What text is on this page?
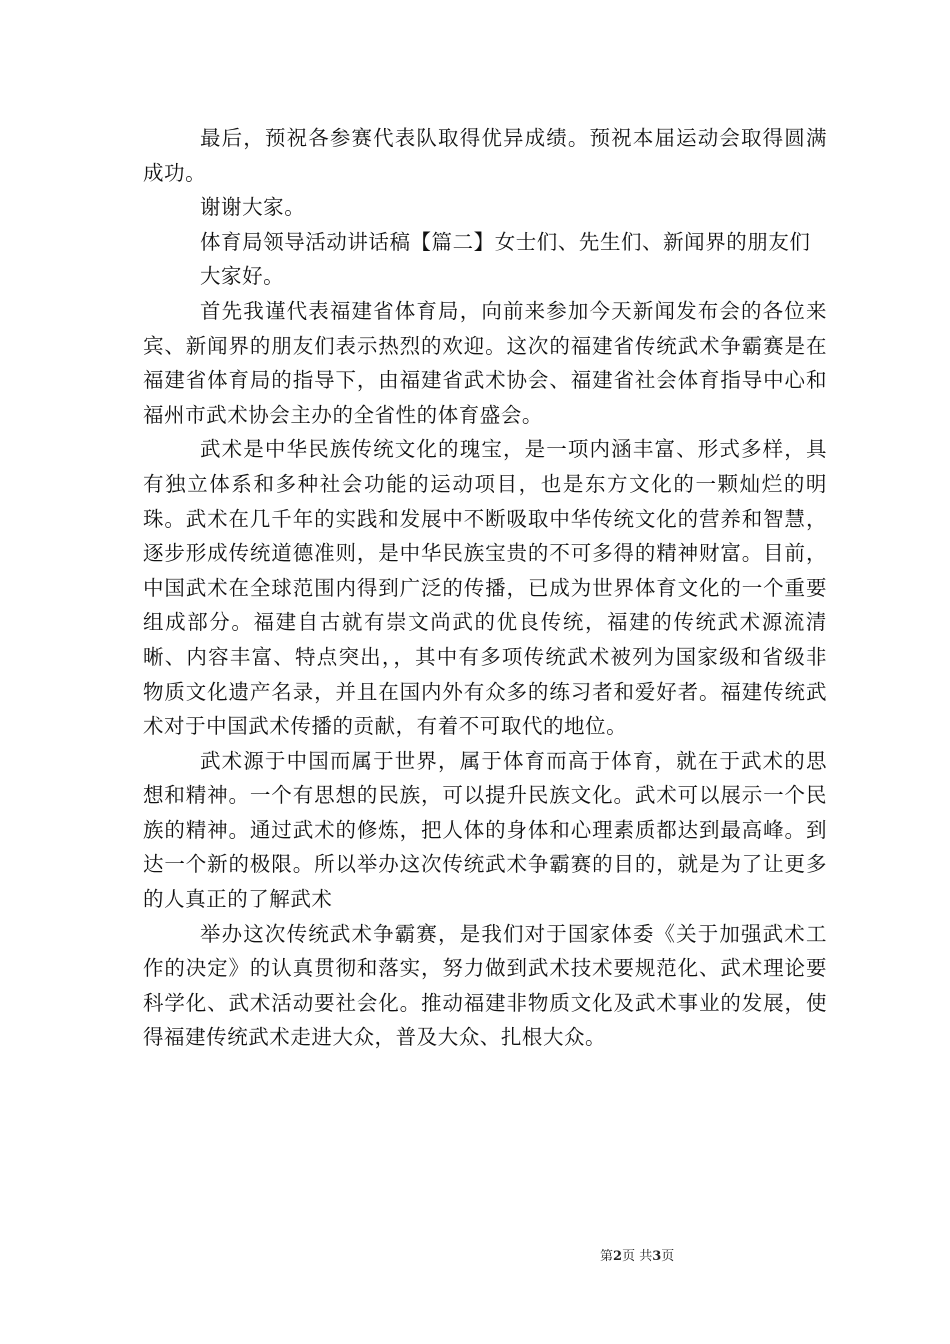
最后，预祝各参赛代表队取得优异成绩。预祝本届运动会取得圆满成功。

谢谢大家。

体育局领导活动讲话稿【篇二】女士们、先生们、新闻界的朋友们

大家好。

首先我谨代表福建省体育局，向前来参加今天新闻发布会的各位来宾、新闻界的朋友们表示热烈的欢迎。这次的福建省传统武术争霸赛是在福建省体育局的指导下，由福建省武术协会、福建省社会体育指导中心和福州市武术协会主办的全省性的体育盛会。

武术是中华民族传统文化的瑰宝，是一项内涵丰富、形式多样，具有独立体系和多种社会功能的运动项目，也是东方文化的一颗灿烂的明珠。武术在几千年的实践和发展中不断吸取中华传统文化的营养和智慧，逐步形成传统道德准则，是中华民族宝贵的不可多得的精神财富。目前，中国武术在全球范围内得到广泛的传播，已成为世界体育文化的一个重要组成部分。福建自古就有崇文尚武的优良传统，福建的传统武术源流清晰、内容丰富、特点突出，，其中有多项传统武术被列为国家级和省级非物质文化遗产名录，并且在国内外有众多的练习者和爱好者。福建传统武术对于中国武术传播的贡献，有着不可取代的地位。

武术源于中国而属于世界，属于体育而高于体育，就在于武术的思想和精神。一个有思想的民族，可以提升民族文化。武术可以展示一个民族的精神。通过武术的修炼，把人体的身体和心理素质都达到最高峰。到达一个新的极限。所以举办这次传统武术争霸赛的目的，就是为了让更多的人真正的了解武术

举办这次传统武术争霸赛，是我们对于国家体委《关于加强武术工作的决定》的认真贯彻和落实，努力做到武术技术要规范化、武术理论要科学化、武术活动要社会化。推动福建非物质文化及武术事业的发展，使得福建传统武术走进大众，普及大众、扎根大众。

第2页 共3页
